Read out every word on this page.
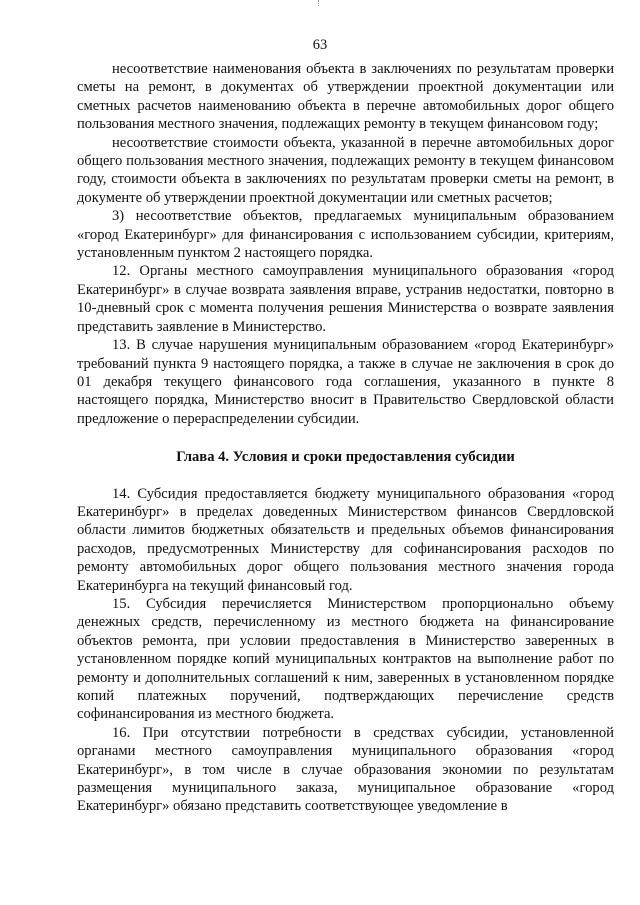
63

несоответствие наименования объекта в заключениях по результатам проверки сметы на ремонт, в документах об утверждении проектной документации или сметных расчетов наименованию объекта в перечне автомобильных дорог общего пользования местного значения, подлежащих ремонту в текущем финансовом году;

несоответствие стоимости объекта, указанной в перечне автомобильных дорог общего пользования местного значения, подлежащих ремонту в текущем финансовом году, стоимости объекта в заключениях по результатам проверки сметы на ремонт, в документе об утверждении проектной документации или сметных расчетов;

3) несоответствие объектов, предлагаемых муниципальным образованием «город Екатеринбург» для финансирования с использованием субсидии, критериям, установленным пунктом 2 настоящего порядка.

12. Органы местного самоуправления муниципального образования «город Екатеринбург» в случае возврата заявления вправе, устранив недостатки, повторно в 10-дневный срок с момента получения решения Министерства о возврате заявления представить заявление в Министерство.

13. В случае нарушения муниципальным образованием «город Екатеринбург» требований пункта 9 настоящего порядка, а также в случае не заключения в срок до 01 декабря текущего финансового года соглашения, указанного в пункте 8 настоящего порядка, Министерство вносит в Правительство Свердловской области предложение о перераспределении субсидии.

Глава 4. Условия и сроки предоставления субсидии

14. Субсидия предоставляется бюджету муниципального образования «город Екатеринбург» в пределах доведенных Министерством финансов Свердловской области лимитов бюджетных обязательств и предельных объемов финансирования расходов, предусмотренных Министерству для софинансирования расходов по ремонту автомобильных дорог общего пользования местного значения города Екатеринбурга на текущий финансовый год.

15. Субсидия перечисляется Министерством пропорционально объему денежных средств, перечисленному из местного бюджета на финансирование объектов ремонта, при условии предоставления в Министерство заверенных в установленном порядке копий муниципальных контрактов на выполнение работ по ремонту и дополнительных соглашений к ним, заверенных в установленном порядке копий платежных поручений, подтверждающих перечисление средств софинансирования из местного бюджета.

16. При отсутствии потребности в средствах субсидии, установленной органами местного самоуправления муниципального образования «город Екатеринбург», в том числе в случае образования экономии по результатам размещения муниципального заказа, муниципальное образование «город Екатеринбург» обязано представить соответствующее уведомление в
